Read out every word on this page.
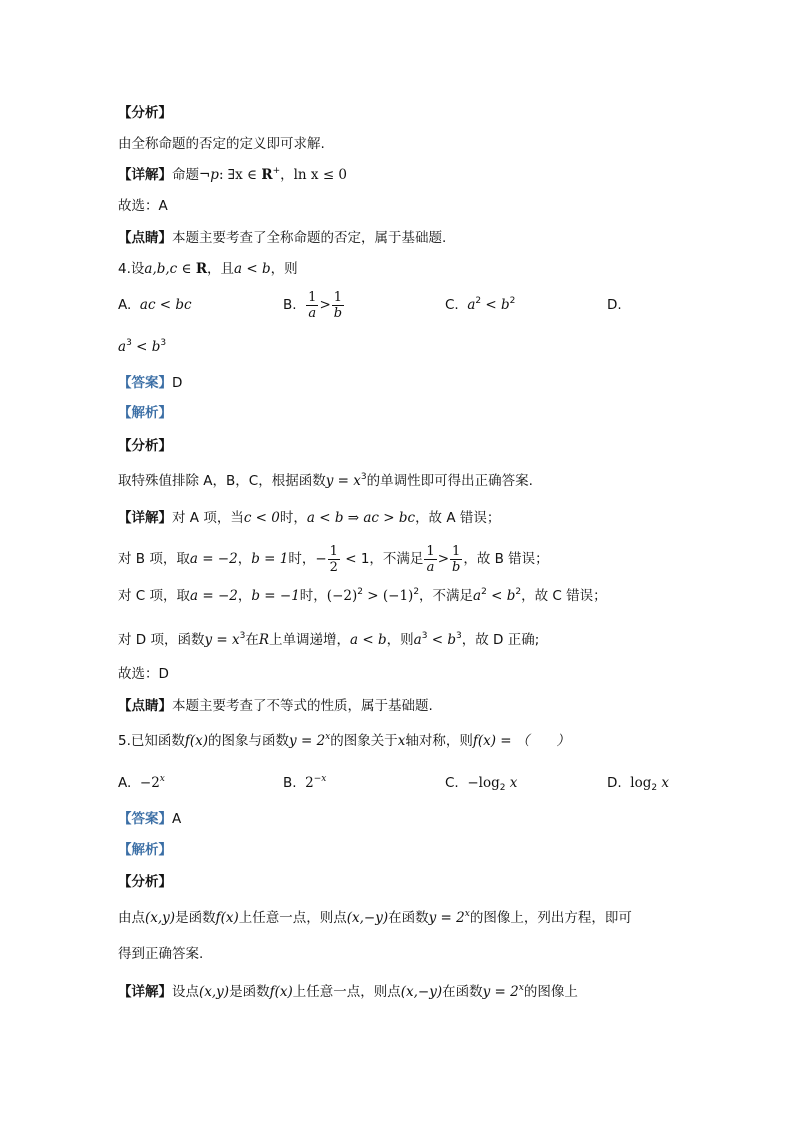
【分析】
由全称命题的否定的定义即可求解.
【详解】命题¬p: ∃x ∈ R+，ln x ≤ 0
故选：A
【点睛】本题主要考查了全称命题的否定，属于基础题.
4.设a,b,c ∈ R，且a < b，则
A. ac < bc	B. $\frac{1}{a} > \frac{1}{b}$	C. $a^2 < b^2$	D.
$a^3 < b^3$
【答案】D
【解析】
【分析】
取特殊值排除 A，B，C，根据函数$y = x^3$的单调性即可得出正确答案.
【详解】对 A 项，当c < 0时，a < b ⇒ ac > bc，故 A 错误；
对 B 项，取a = −2，b = 1时，− $\frac{1}{2} < 1$，不满足 $\frac{1}{a} > \frac{1}{b}$ ，故 B 错误；
对 C 项，取a = −2，b = −1时，$(-2)^2 > (-1)^2$，不满足$a^2 < b^2$，故 C 错误；
对 D 项，函数$y = x^3$在R上单调递增，a < b，则$a^3 < b^3$，故 D 正确;
故选：D
【点睛】本题主要考查了不等式的性质，属于基础题.
5.已知函数f(x)的图象与函数$y = 2^x$的图象关于x轴对称，则f(x) = （　　）
A. $-2^x$	B. $2^{-x}$	C. $-\log_2$ x	D. $\log_2 x$
【答案】A
【解析】
【分析】
由点(x,y)是函数f(x)上任意一点，则点(x,−y)在函数$y = 2^x$的图像上，列出方程，即可
得到正确答案.
【详解】设点(x,y)是函数f(x)上任意一点，则点(x,−y)在函数$y = 2^x$的图像上
